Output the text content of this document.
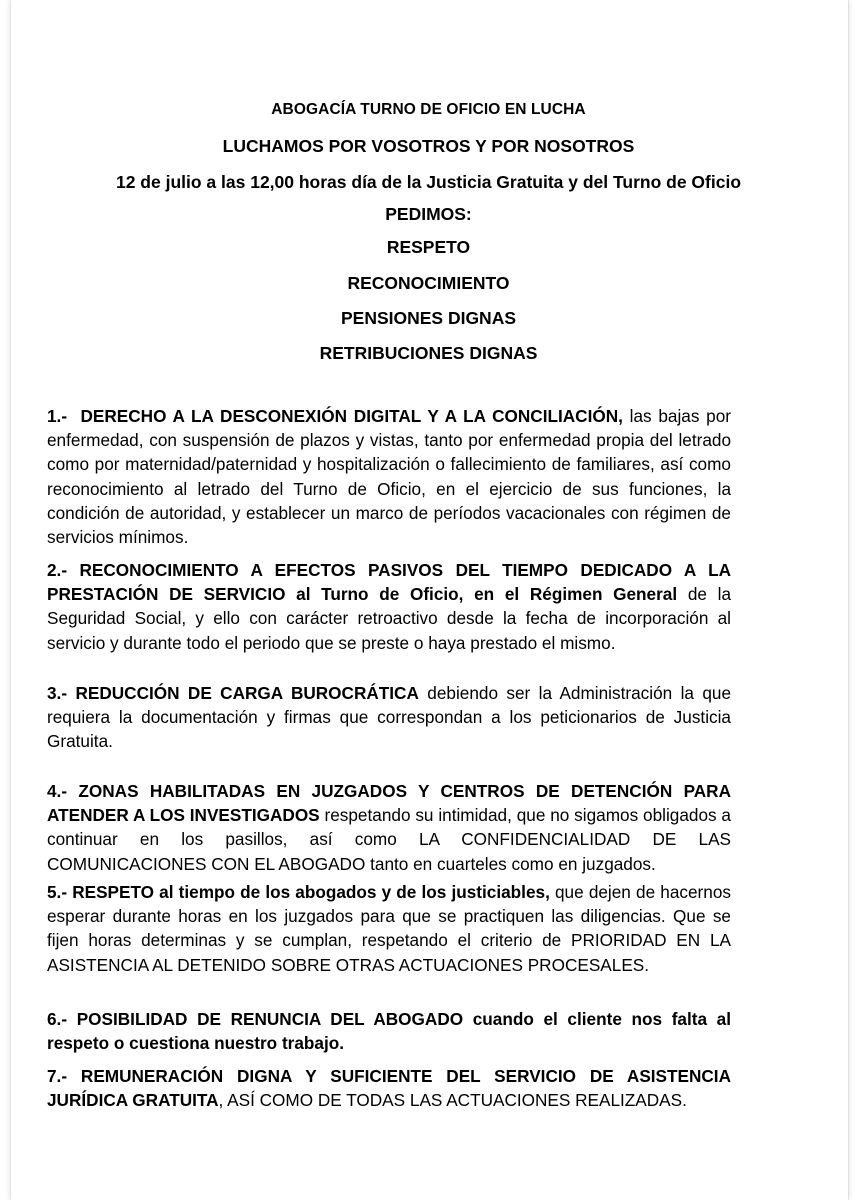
ABOGACÍA TURNO DE OFICIO EN LUCHA
LUCHAMOS POR VOSOTROS Y POR NOSOTROS
12 de julio a las 12,00 horas día de la Justicia Gratuita y del Turno de Oficio
PEDIMOS:
RESPETO
RECONOCIMIENTO
PENSIONES DIGNAS
RETRIBUCIONES DIGNAS
1.- DERECHO A LA DESCONEXIÓN DIGITAL Y A LA CONCILIACIÓN, las bajas por enfermedad, con suspensión de plazos y vistas, tanto por enfermedad propia del letrado como por maternidad/paternidad y hospitalización o fallecimiento de familiares, así como reconocimiento al letrado del Turno de Oficio, en el ejercicio de sus funciones, la condición de autoridad, y establecer un marco de períodos vacacionales con régimen de servicios mínimos.
2.- RECONOCIMIENTO A EFECTOS PASIVOS DEL TIEMPO DEDICADO A LA PRESTACIÓN DE SERVICIO al Turno de Oficio, en el Régimen General de la Seguridad Social, y ello con carácter retroactivo desde la fecha de incorporación al servicio y durante todo el periodo que se preste o haya prestado el mismo.
3.- REDUCCIÓN DE CARGA BUROCRÁTICA debiendo ser la Administración la que requiera la documentación y firmas que correspondan a los peticionarios de Justicia Gratuita.
4.- ZONAS HABILITADAS EN JUZGADOS Y CENTROS DE DETENCIÓN PARA ATENDER A LOS INVESTIGADOS respetando su intimidad, que no sigamos obligados a continuar en los pasillos, así como LA CONFIDENCIALIDAD DE LAS COMUNICACIONES CON EL ABOGADO tanto en cuarteles como en juzgados.
5.- RESPETO al tiempo de los abogados y de los justiciables, que dejen de hacernos esperar durante horas en los juzgados para que se practiquen las diligencias. Que se fijen horas determinas y se cumplan, respetando el criterio de PRIORIDAD EN LA ASISTENCIA AL DETENIDO SOBRE OTRAS ACTUACIONES PROCESALES.
6.- POSIBILIDAD DE RENUNCIA DEL ABOGADO cuando el cliente nos falta al respeto o cuestiona nuestro trabajo.
7.- REMUNERACIÓN DIGNA Y SUFICIENTE DEL SERVICIO DE ASISTENCIA JURÍDICA GRATUITA, ASÍ COMO DE TODAS LAS ACTUACIONES REALIZADAS.
